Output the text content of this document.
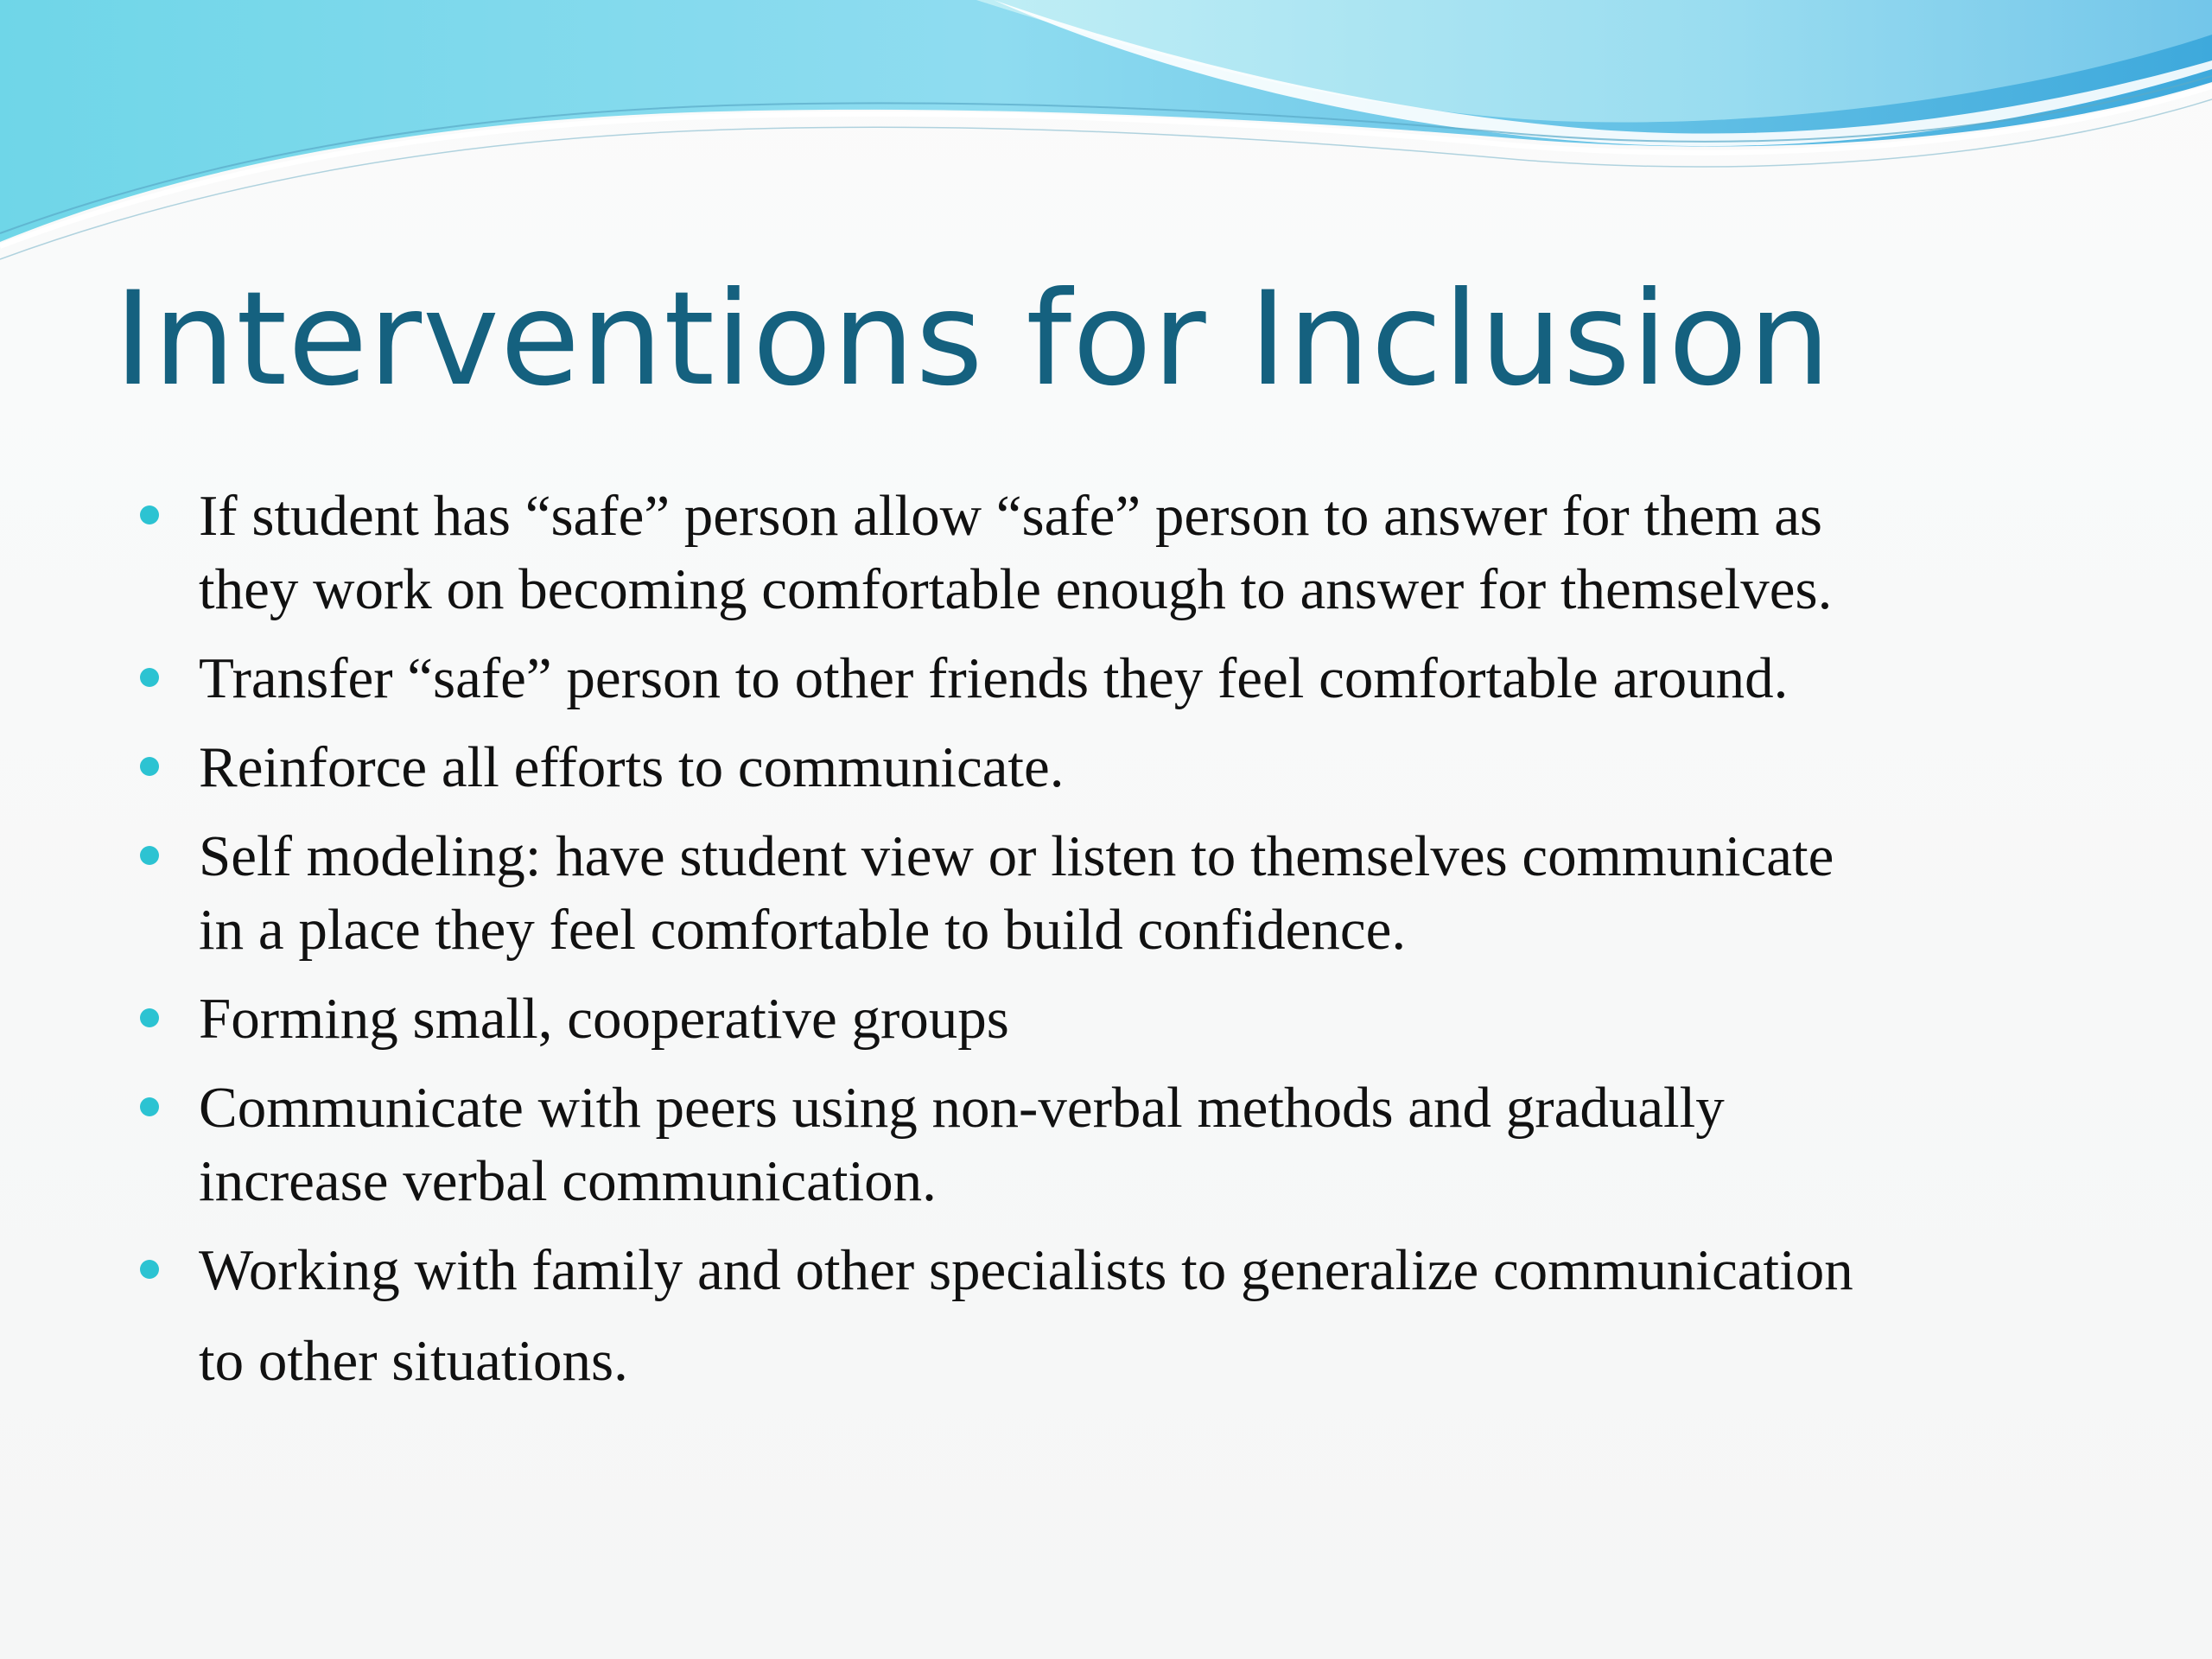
Interventions for Inclusion
If student has “safe” person allow “safe” person to answer for them as
they work on becoming comfortable enough to answer for themselves.
Transfer “safe” person to other friends they feel comfortable around.
Reinforce all efforts to communicate.
Self modeling: have student view or listen to themselves communicate
in a place they feel comfortable to build confidence.
Forming small, cooperative groups
Communicate with peers using non-verbal methods and gradually
increase verbal communication.
Working with family and other specialists to generalize communication
to other situations.
